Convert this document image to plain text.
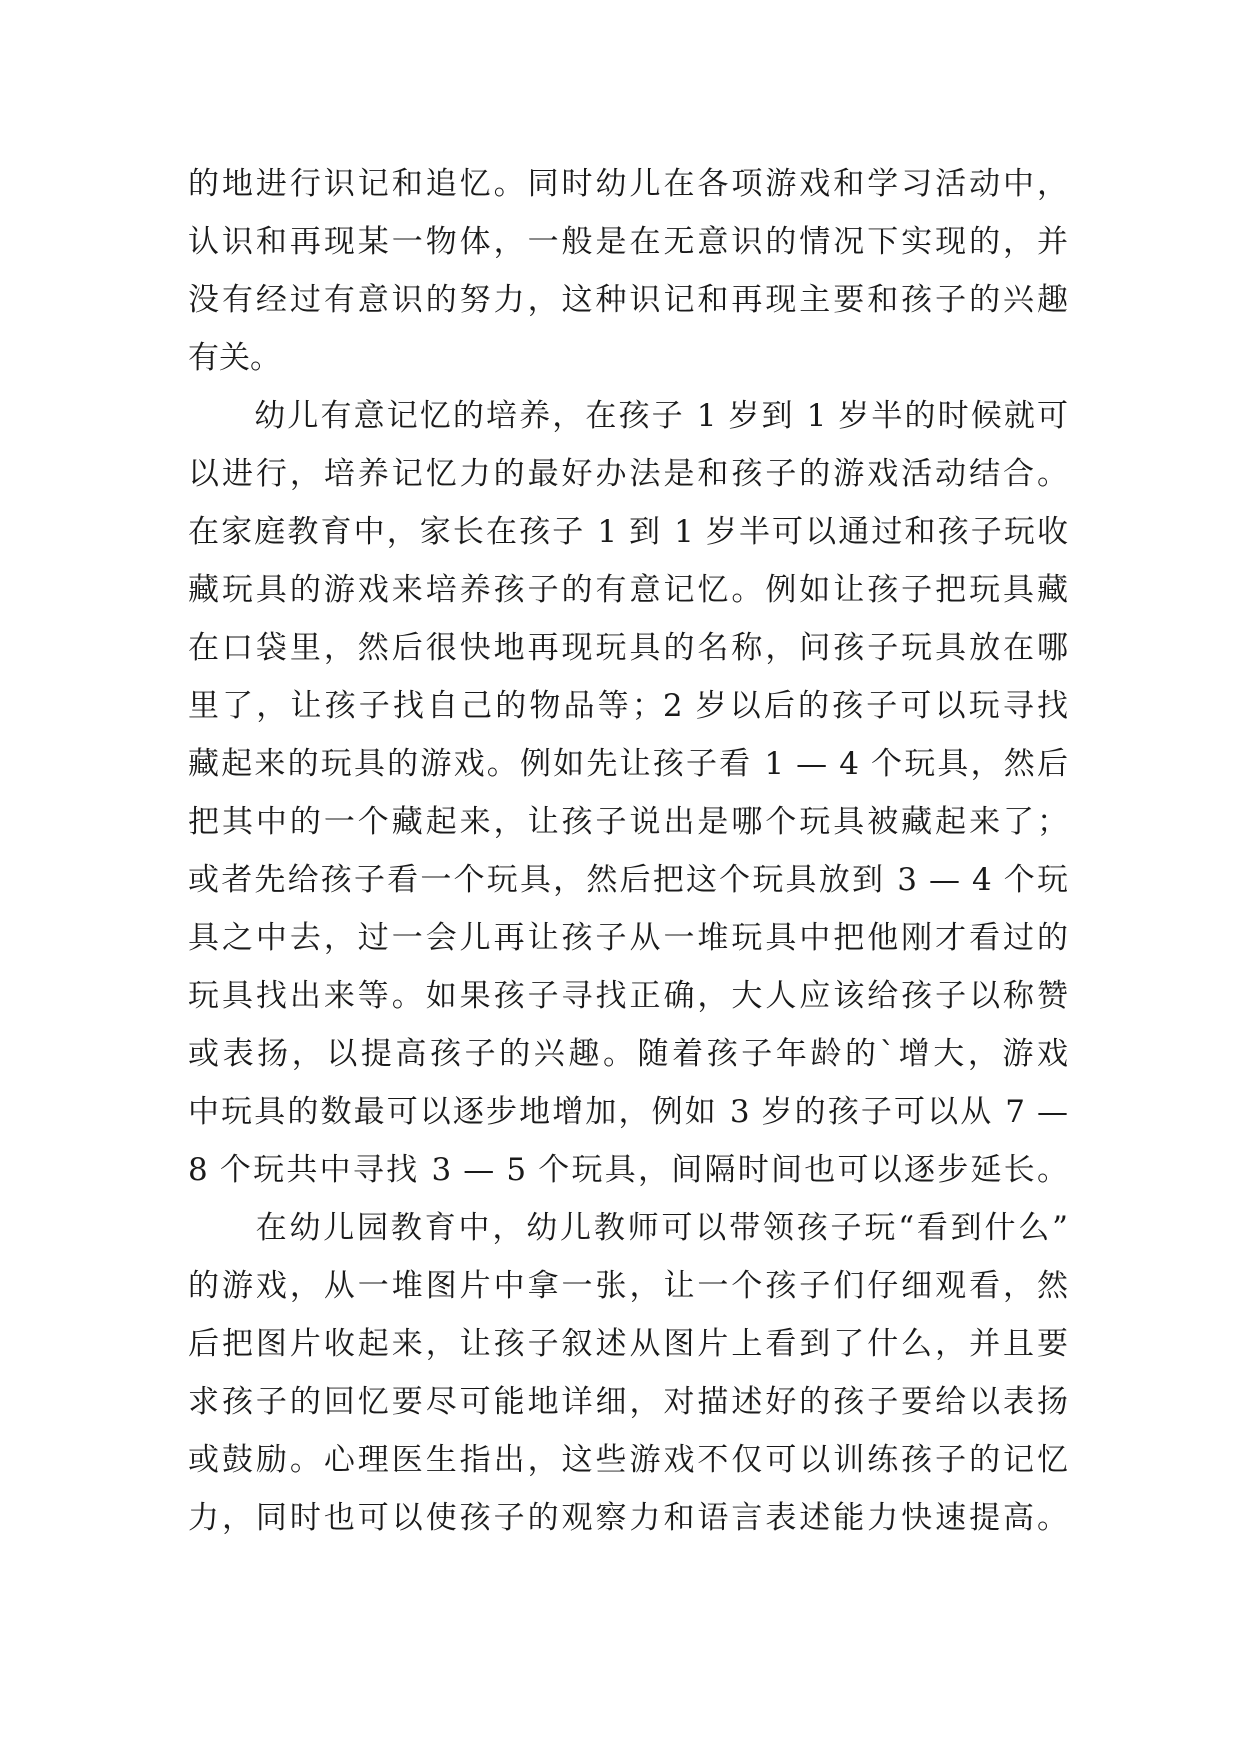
的地进行识记和追忆。同时幼儿在各项游戏和学习活动中，
认识和再现某一物体，一般是在无意识的情况下实现的，并
没有经过有意识的努力，这种识记和再现主要和孩子的兴趣
有关。
　　幼儿有意记忆的培养，在孩子 1 岁到 1 岁半的时候就可
以进行，培养记忆力的最好办法是和孩子的游戏活动结合。
在家庭教育中，家长在孩子 1 到 1 岁半可以通过和孩子玩收
藏玩具的游戏来培养孩子的有意记忆。例如让孩子把玩具藏
在口袋里，然后很快地再现玩具的名称，问孩子玩具放在哪
里了，让孩子找自己的物品等；2 岁以后的孩子可以玩寻找
藏起来的玩具的游戏。例如先让孩子看 1 — 4 个玩具，然后
把其中的一个藏起来，让孩子说出是哪个玩具被藏起来了；
或者先给孩子看一个玩具，然后把这个玩具放到 3 — 4 个玩
具之中去，过一会儿再让孩子从一堆玩具中把他刚才看过的
玩具找出来等。如果孩子寻找正确，大人应该给孩子以称赞
或表扬，以提高孩子的兴趣。随着孩子年龄的`增大，游戏
中玩具的数最可以逐步地增加，例如 3 岁的孩子可以从 7 —
8 个玩共中寻找 3 — 5 个玩具，间隔时间也可以逐步延长。
　　在幼儿园教育中，幼儿教师可以带领孩子玩“看到什么”
的游戏，从一堆图片中拿一张，让一个孩子们仔细观看，然
后把图片收起来，让孩子叙述从图片上看到了什么，并且要
求孩子的回忆要尽可能地详细，对描述好的孩子要给以表扬
或鼓励。心理医生指出，这些游戏不仅可以训练孩子的记忆
力，同时也可以使孩子的观察力和语言表述能力快速提高。
